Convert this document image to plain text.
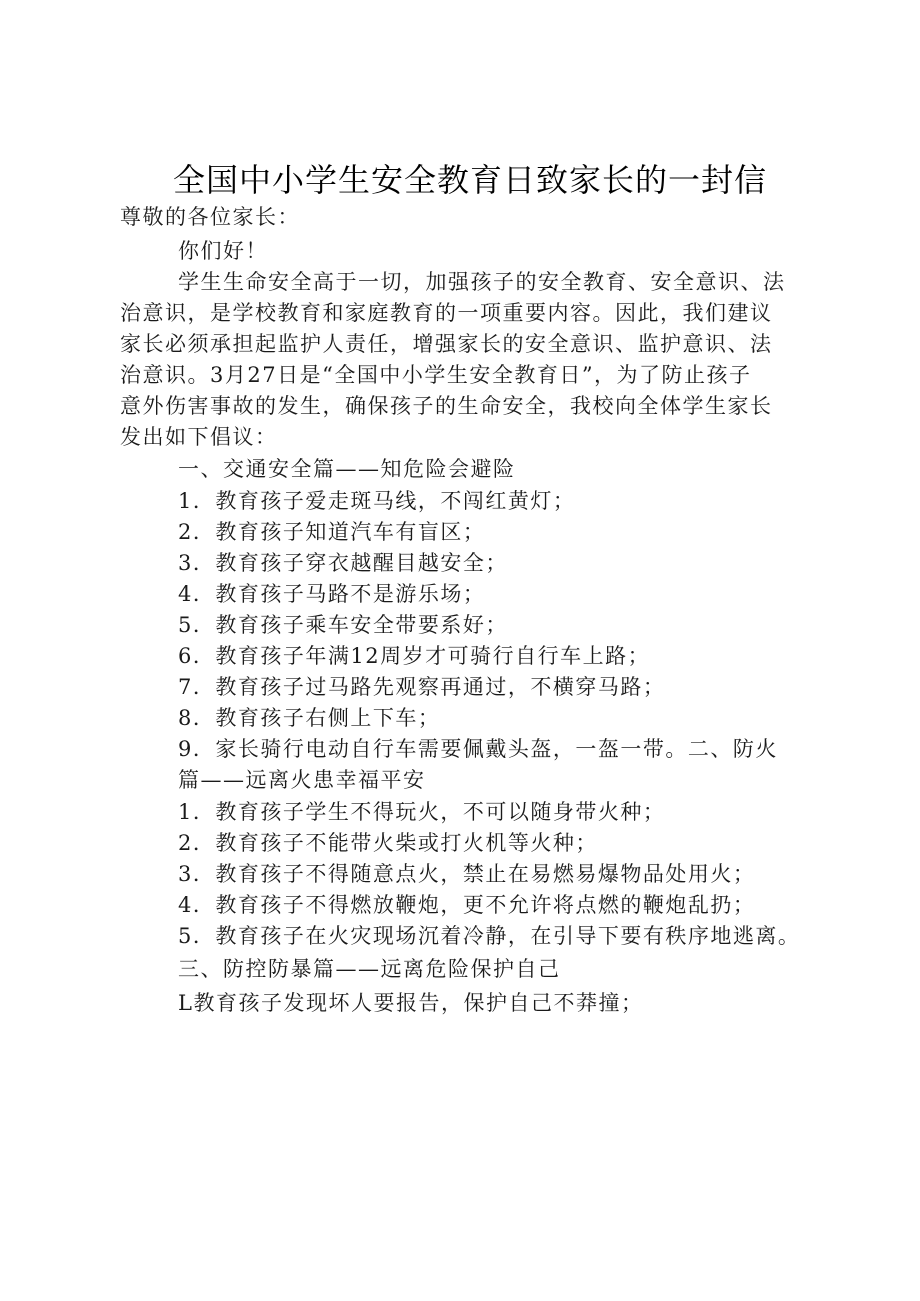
全国中小学生安全教育日致家长的一封信
尊敬的各位家长：
你们好！
学生生命安全高于一切，加强孩子的安全教育、安全意识、法
治意识，是学校教育和家庭教育的一项重要内容。因此，我们建议
家长必须承担起监护人责任，增强家长的安全意识、监护意识、法
治意识。3月27日是“全国中小学生安全教育日”，为了防止孩子
意外伤害事故的发生，确保孩子的生命安全，我校向全体学生家长
发出如下倡议：
一、交通安全篇——知危险会避险
1．教育孩子爱走斑马线，不闯红黄灯；
2．教育孩子知道汽车有盲区；
3．教育孩子穿衣越醒目越安全；
4．教育孩子马路不是游乐场；
5．教育孩子乘车安全带要系好；
6．教育孩子年满12周岁才可骑行自行车上路；
7．教育孩子过马路先观察再通过，不横穿马路；
8．教育孩子右侧上下车；
9．家长骑行电动自行车需要佩戴头盔，一盔一带。二、防火
篇——远离火患幸福平安
1．教育孩子学生不得玩火，不可以随身带火种；
2．教育孩子不能带火柴或打火机等火种；
3．教育孩子不得随意点火，禁止在易燃易爆物品处用火；
4．教育孩子不得燃放鞭炮，更不允许将点燃的鞭炮乱扔；
5．教育孩子在火灾现场沉着冷静，在引导下要有秩序地逃离。
三、防控防暴篇——远离危险保护自己
L教育孩子发现坏人要报告，保护自己不莽撞；
